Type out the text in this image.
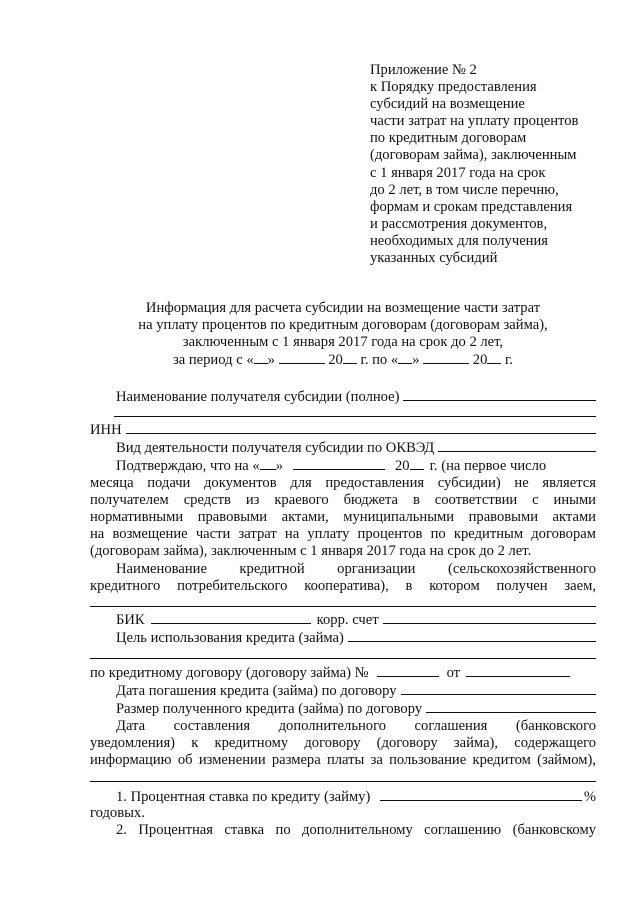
Приложение № 2
к Порядку предоставления
субсидий на возмещение
части затрат на уплату процентов
по кредитным договорам
(договорам займа), заключенным
с 1 января 2017 года на срок
до 2 лет, в том числе перечню,
формам и срокам представления
и рассмотрения документов,
необходимых для получения
указанных субсидий
Информация для расчета субсидии на возмещение части затрат
на уплату процентов по кредитным договорам (договорам займа),
заключенным с 1 января 2017 года на срок до 2 лет,
за период с « »	20 г. по « »	20 г.
Наименование получателя субсидии (полное)
ИНН
Вид деятельности получателя субсидии по ОКВЭД
Подтверждаю, что на « »	20 г. (на первое число
месяца подачи документов для предоставления субсидии) не является
получателем средств из краевого бюджета в соответствии с иными
нормативными правовыми актами, муниципальными правовыми актами
на возмещение части затрат на уплату процентов по кредитным договорам
(договорам займа), заключенным с 1 января 2017 года на срок до 2 лет.
Наименование кредитной организации (сельскохозяйственного
кредитного потребительского кооператива), в котором получен заем,
БИК	корр. счет
Цель использования кредита (займа)
по кредитному договору (договору займа) №	от
Дата погашения кредита (займа) по договору
Размер полученного кредита (займа) по договору
Дата составления дополнительного соглашения (банковского
уведомления) к кредитному договору (договору займа), содержащего
информацию об изменении размера платы за пользование кредитом (займом),
1. Процентная ставка по кредиту (займу)	%
годовых.
2. Процентная ставка по дополнительному соглашению (банковскому
